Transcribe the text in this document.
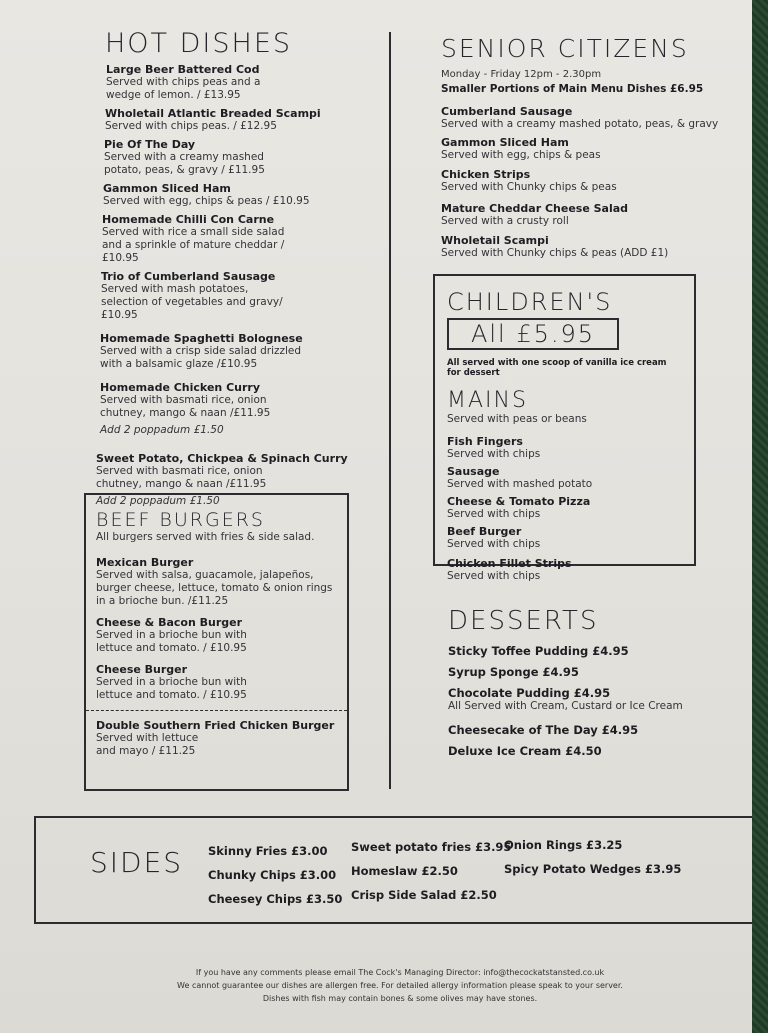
HOT DISHES
Large Beer Battered Cod
Served with chips peas and a wedge of lemon. / £13.95
Wholetail Atlantic Breaded Scampi
Served with chips peas. / £12.95
Pie Of The Day
Served with a creamy mashed potato, peas, & gravy / £11.95
Gammon Sliced Ham
Served with egg, chips & peas / £10.95
Homemade Chilli Con Carne
Served with rice a small side salad and a sprinkle of mature cheddar / £10.95
Trio of Cumberland Sausage
Served with mash potatoes, selection of vegetables and gravy/ £10.95
Homemade Spaghetti Bolognese
Served with a crisp side salad drizzled with a balsamic glaze /£10.95
Homemade Chicken Curry
Served with basmati rice, onion chutney, mango & naan /£11.95
Add 2 poppadum £1.50
Sweet Potato, Chickpea & Spinach Curry
Served with basmati rice, onion chutney, mango & naan /£11.95
Add 2 poppadum £1.50
BEEF BURGERS
All burgers served with fries & side salad.
Mexican Burger
Served with salsa, guacamole, jalapeños, burger cheese, lettuce, tomato & onion rings in a brioche bun. /£11.25
Cheese & Bacon Burger
Served in a brioche bun with lettuce and tomato. / £10.95
Cheese Burger
Served in a brioche bun with lettuce and tomato. / £10.95
Double Southern Fried Chicken Burger
Served with lettuce and mayo / £11.25
SENIOR CITIZENS
Monday - Friday 12pm - 2.30pm
Smaller Portions of Main Menu Dishes £6.95
Cumberland Sausage
Served with a creamy mashed potato, peas, & gravy
Gammon Sliced Ham
Served with egg, chips & peas
Chicken Strips
Served with Chunky chips & peas
Mature Cheddar Cheese Salad
Served with a crusty roll
Wholetail Scampi
Served with Chunky chips & peas (ADD £1)
CHILDREN'S
All £5.95
All served with one scoop of vanilla ice cream for dessert
MAINS
Served with peas or beans
Fish Fingers
Served with chips
Sausage
Served with mashed potato
Cheese & Tomato Pizza
Served with chips
Beef Burger
Served with chips
Chicken Fillet Strips
Served with chips
DESSERTS
Sticky Toffee Pudding £4.95
Syrup Sponge £4.95
Chocolate Pudding £4.95
All Served with Cream, Custard or Ice Cream
Cheesecake of The Day £4.95
Deluxe Ice Cream £4.50
SIDES Skinny Fries £3.00
Chunky Chips £3.00
Cheesey Chips £3.50
Sweet potato fries £3.95
Homeslaw £2.50
Crisp Side Salad £2.50
Onion Rings £3.25
Spicy Potato Wedges £3.95
If you have any comments please email The Cock's Managing Director: info@thecockatstansted.co.uk
We cannot guarantee our dishes are allergen free. For detailed allergy information please speak to your server.
Dishes with fish may contain bones & some olives may have stones.
